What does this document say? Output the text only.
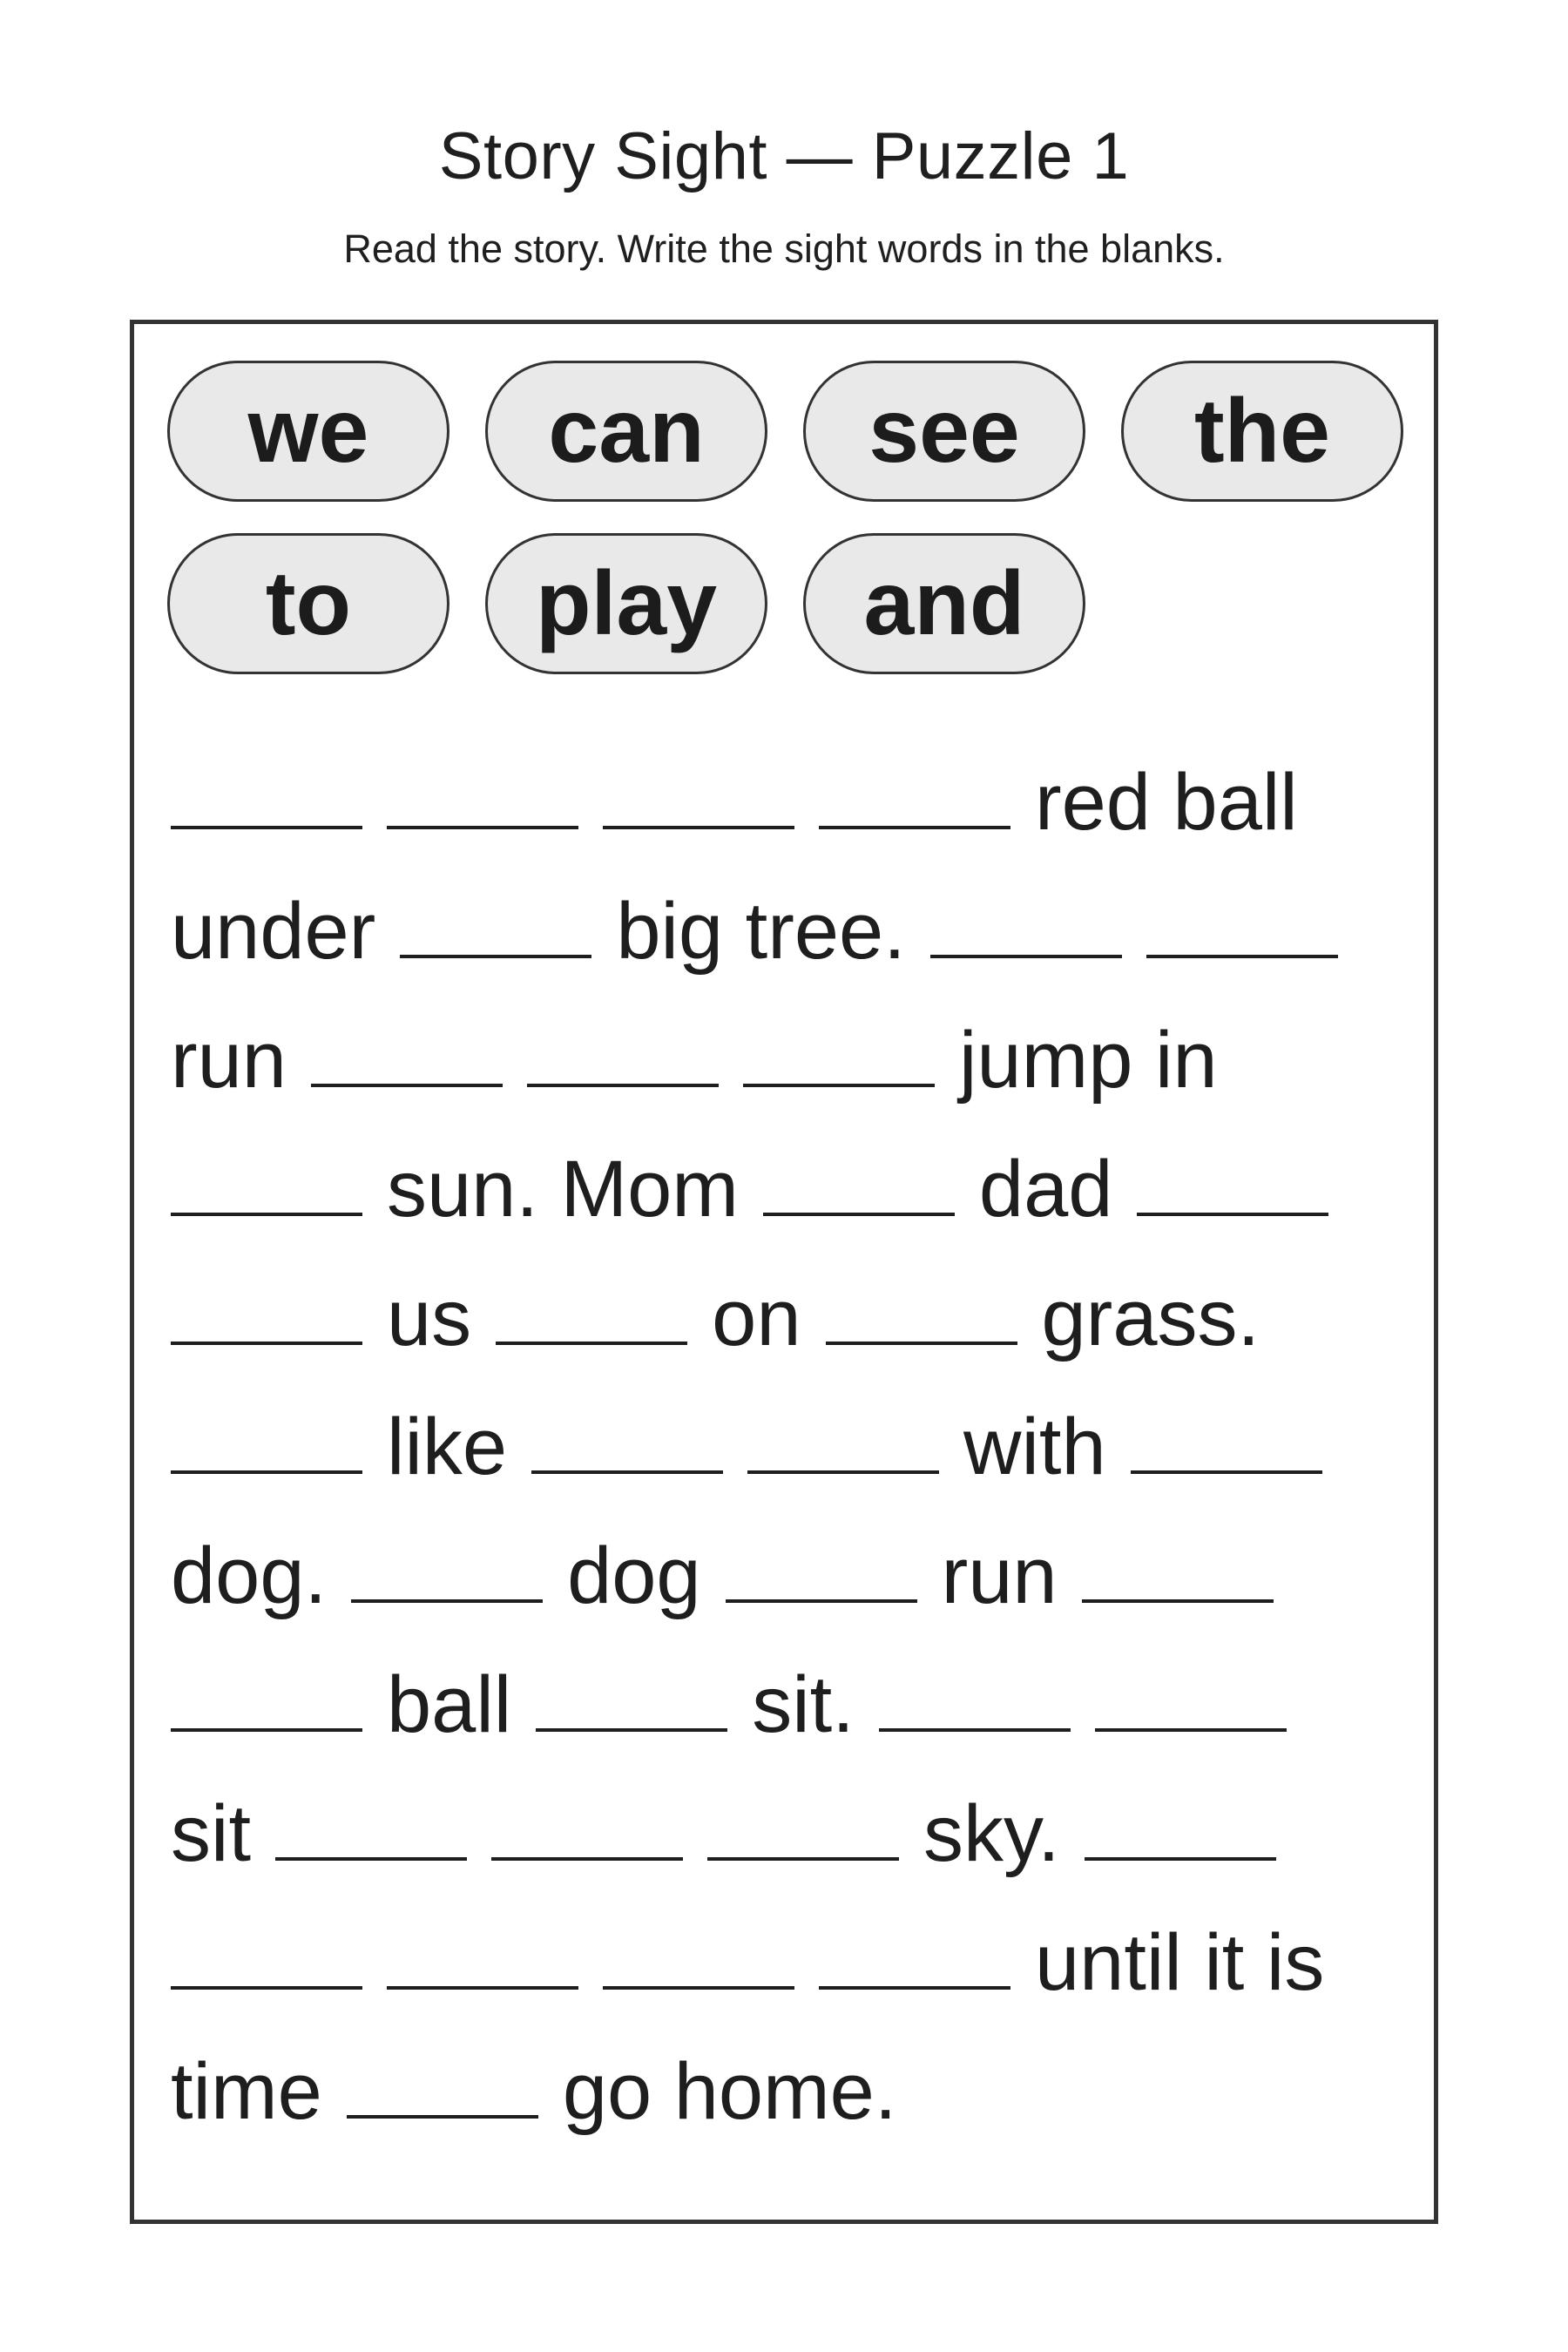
Story Sight — Puzzle 1
Read the story. Write the sight words in the blanks.
we	can	see	the
to	play	and
red ball
under	big tree.
run	jump in
sun. Mom	dad
us	on	grass.
like	with
dog.	dog	run
ball	sit.
sit	sky.
until it is
time	go home.
